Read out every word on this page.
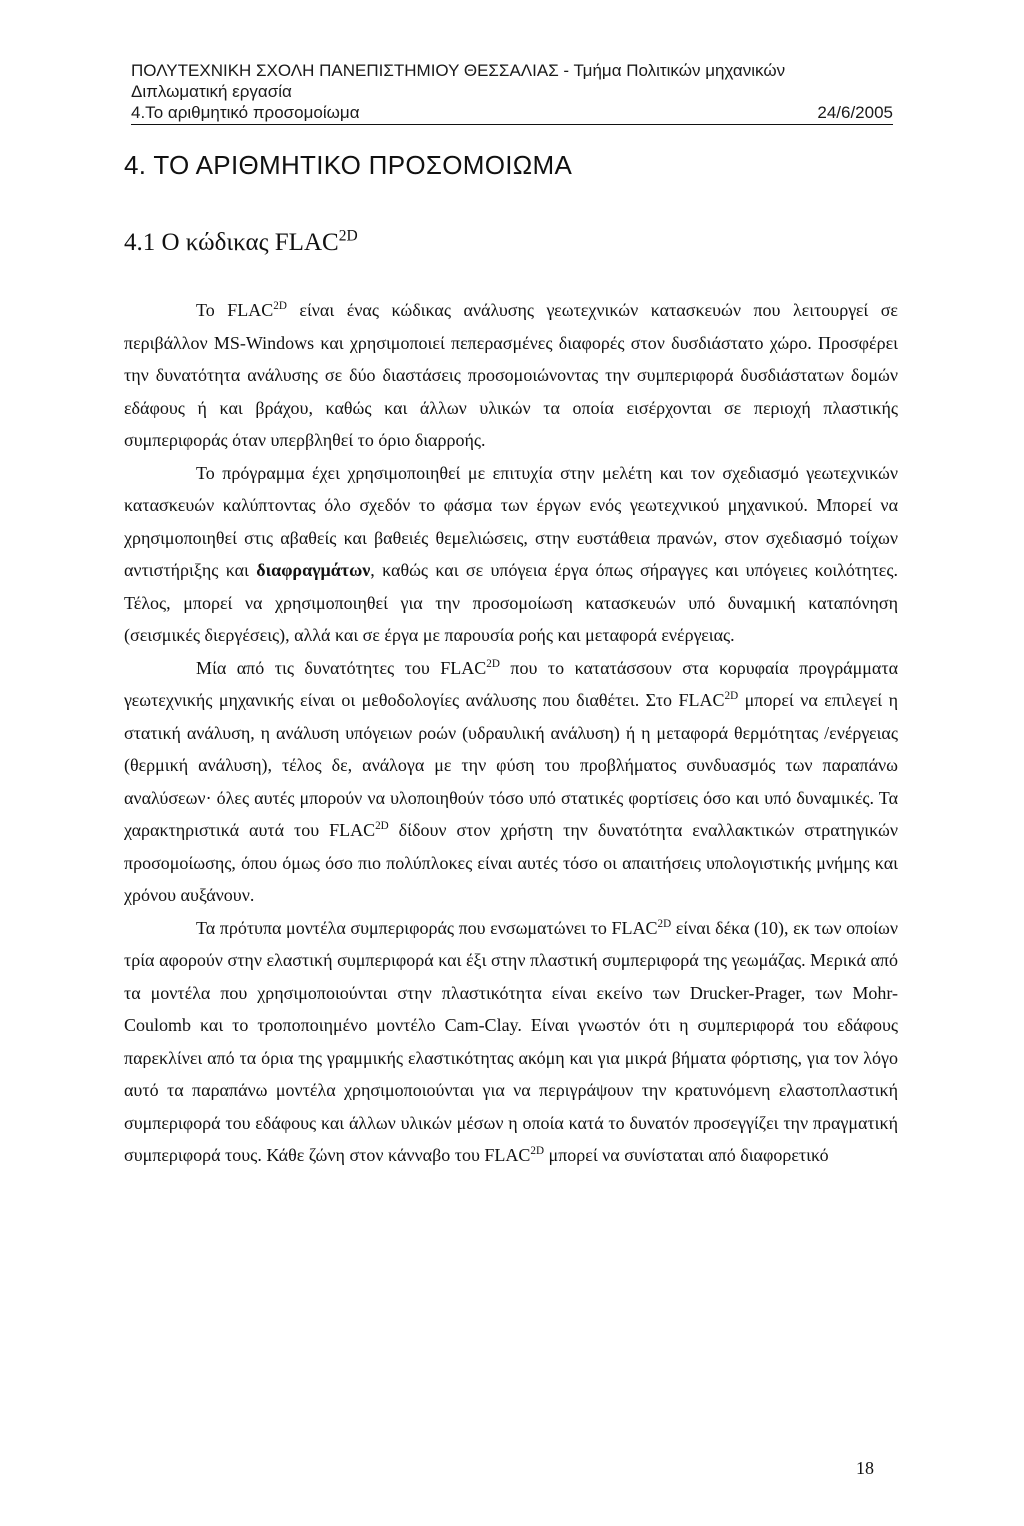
ΠΟΛΥΤΕΧΝΙΚΗ ΣΧΟΛΗ ΠΑΝΕΠΙΣΤΗΜΙΟΥ ΘΕΣΣΑΛΙΑΣ - Τμήμα Πολιτικών μηχανικών
Διπλωματική εργασία
4.Το αριθμητικό προσομοίωμα	24/6/2005
4. ΤΟ ΑΡΙΘΜΗΤΙΚΟ ΠΡΟΣΟΜΟΙΩΜΑ
4.1 Ο κώδικας $FLAC^{2D}$

Το $FLAC^{2D}$ είναι ένας κώδικας ανάλυσης γεωτεχνικών κατασκευών που λειτουργεί σε περιβάλλον MS-Windows και χρησιμοποιεί πεπερασμένες διαφορές στον δυσδιάστατο χώρο. Προσφέρει την δυνατότητα ανάλυσης σε δύο διαστάσεις προσομοιώνοντας την συμπεριφορά δυσδιάστατων δομών εδάφους ή και βράχου, καθώς και άλλων υλικών τα οποία εισέρχονται σε περιοχή πλαστικής συμπεριφοράς όταν υπερβληθεί το όριο διαρροής.

Το πρόγραμμα έχει χρησιμοποιηθεί με επιτυχία στην μελέτη και τον σχεδιασμό γεωτεχνικών κατασκευών καλύπτοντας όλο σχεδόν το φάσμα των έργων ενός γεωτεχνικού μηχανικού. Μπορεί να χρησιμοποιηθεί στις αβαθείς και βαθειές θεμελιώσεις, στην ευστάθεια πρανών, στον σχεδιασμό τοίχων αντιστήριξης και διαφραγμάτων, καθώς και σε υπόγεια έργα όπως σήραγγες και υπόγειες κοιλότητες. Τέλος, μπορεί να χρησιμοποιηθεί για την προσομοίωση κατασκευών υπό δυναμική καταπόνηση (σεισμικές διεργέσεις), αλλά και σε έργα με παρουσία ροής και μεταφορά ενέργειας.

Μία από τις δυνατότητες του $FLAC^{2D}$ που το κατατάσσουν στα κορυφαία προγράμματα γεωτεχνικής μηχανικής είναι οι μεθοδολογίες ανάλυσης που διαθέτει. Στο $FLAC^{2D}$ μπορεί να επιλεγεί η στατική ανάλυση, η ανάλυση υπόγειων ροών (υδραυλική ανάλυση) ή η μεταφορά θερμότητας /ενέργειας (θερμική ανάλυση), τέλος δε, ανάλογα με την φύση του προβλήματος συνδυασμός των παραπάνω αναλύσεων· όλες αυτές μπορούν να υλοποιηθούν τόσο υπό στατικές φορτίσεις όσο και υπό δυναμικές. Τα χαρακτηριστικά αυτά του $FLAC^{2D}$ δίδουν στον χρήστη την δυνατότητα εναλλακτικών στρατηγικών προσομοίωσης, όπου όμως όσο πιο πολύπλοκες είναι αυτές τόσο οι απαιτήσεις υπολογιστικής μνήμης και χρόνου αυξάνουν.

Τα πρότυπα μοντέλα συμπεριφοράς που ενσωματώνει το $FLAC^{2D}$ είναι δέκα (10), εκ των οποίων τρία αφορούν στην ελαστική συμπεριφορά και έξι στην πλαστική συμπεριφορά της γεωμάζας. Μερικά από τα μοντέλα που χρησιμοποιούνται στην πλαστικότητα είναι εκείνο των Drucker-Prager, των Mohr-Coulomb και το τροποποιημένο μοντέλο Cam-Clay. Είναι γνωστόν ότι η συμπεριφορά του εδάφους παρεκλίνει από τα όρια της γραμμικής ελαστικότητας ακόμη και για μικρά βήματα φόρτισης, για τον λόγο αυτό τα παραπάνω μοντέλα χρησιμοποιούνται για να περιγράψουν την κρατυνόμενη ελαστοπλαστική συμπεριφορά του εδάφους και άλλων υλικών μέσων η οποία κατά το δυνατόν προσεγγίζει την πραγματική συμπεριφορά τους. Κάθε ζώνη στον κάνναβο του $FLAC^{2D}$ μπορεί να συνίσταται από διαφορετικό

18
